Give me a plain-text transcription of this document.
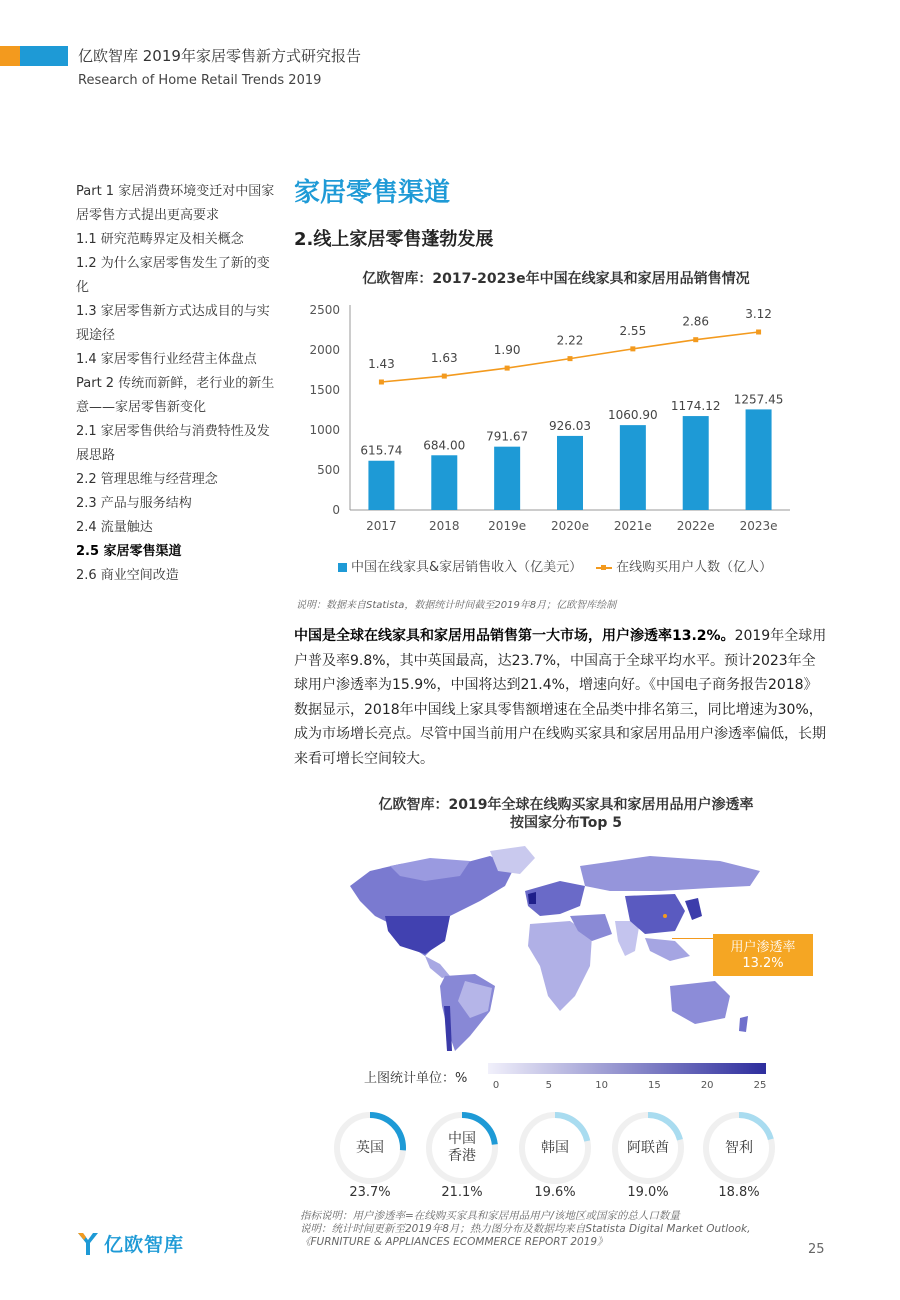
亿欧智库 2019年家居零售新方式研究报告
Research of Home Retail Trends 2019
Part 1 家居消费环境变迁对中国家居零售方式提出更高要求
1.1 研究范畴界定及相关概念
1.2 为什么家居零售发生了新的变化
1.3 家居零售新方式达成目的与实现途径
1.4 家居零售行业经营主体盘点
Part 2 传统而新鲜，老行业的新生意——家居零售新变化
2.1 家居零售供给与消费特性及发展思路
2.2 管理思维与经营理念
2.3 产品与服务结构
2.4 流量触达
2.5 家居零售渠道
2.6 商业空间改造
家居零售渠道
2.线上家居零售蓬勃发展
亿欧智库：2017-2023e年中国在线家具和家居用品销售情况
0
500
1000
1500
2000
2500
615.74
2017
684.00
2018
791.67
2019e
926.03
2020e
1060.90
2021e
1174.12
2022e
1257.45
2023e
1.43	1.63
1.90
2.22
2.55
2.86
3.12
中国在线家具&家居销售收入（亿美元）	在线购买用户人数（亿人）
说明：数据来自Statista，数据统计时间截至2019年8月；亿欧智库绘制
中国是全球在线家具和家居用品销售第一大市场，用户渗透率13.2%。2019年全球用户普及率9.8%，其中英国最高，达23.7%，中国高于全球平均水平。预计2023年全球用户渗透率为15.9%，中国将达到21.4%，增速向好。《中国电子商务报告2018》数据显示，2018年中国线上家具零售额增速在全品类中排名第三，同比增速为30%，成为市场增长亮点。尽管中国当前用户在线购买家具和家居用品用户渗透率偏低，长期来看可增长空间较大。
亿欧智库：2019年全球在线购买家具和家居用品用户渗透率
按国家分布Top 5
用户渗透率
13.2%
上图统计单位：%	0	5	10	15	20	25
英国
23.7%
中国香港
21.1%
韩国
19.6%
阿联酋
19.0%
智利
18.8%
指标说明：用户渗透率=在线购买家具和家居用品用户/该地区或国家的总人口数量
说明：统计时间更新至2019年8月；热力图分布及数据均来自Statista Digital Market Outlook,《FURNITURE & APPLIANCES ECOMMERCE REPORT 2019》
亿欧智库	25
